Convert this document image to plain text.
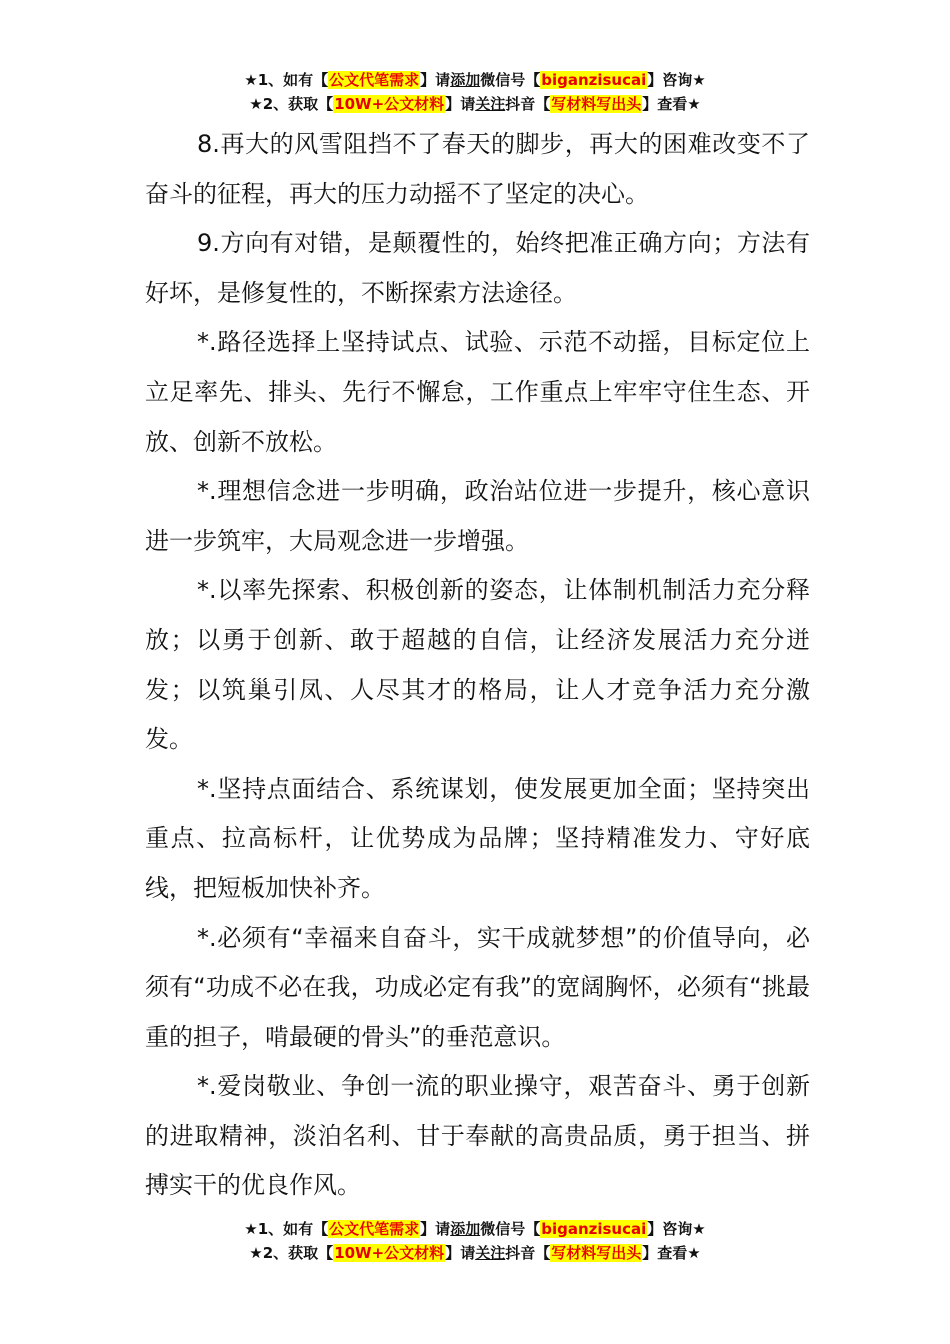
★1、如有【公文代笔需求】请添加微信号【biganzisucai】咨询★
★2、获取【10W+公文材料】请关注抖音【写材料写出头】查看★

8.再大的风雪阻挡不了春天的脚步，再大的困难改变不了奋斗的征程，再大的压力动摇不了坚定的决心。

9.方向有对错，是颠覆性的，始终把准正确方向；方法有好坏，是修复性的，不断探索方法途径。

*.路径选择上坚持试点、试验、示范不动摇，目标定位上立足率先、排头、先行不懈怠，工作重点上牢牢守住生态、开放、创新不放松。

*.理想信念进一步明确，政治站位进一步提升，核心意识进一步筑牢，大局观念进一步增强。

*.以率先探索、积极创新的姿态，让体制机制活力充分释放；以勇于创新、敢于超越的自信，让经济发展活力充分迸发；以筑巢引凤、人尽其才的格局，让人才竞争活力充分激发。

*.坚持点面结合、系统谋划，使发展更加全面；坚持突出重点、拉高标杆，让优势成为品牌；坚持精准发力、守好底线，把短板加快补齐。

*.必须有“幸福来自奋斗，实干成就梦想”的价值导向，必须有“功成不必在我，功成必定有我”的宽阔胸怀，必须有“挑最重的担子，啃最硬的骨头”的垂范意识。

*.爱岗敬业、争创一流的职业操守，艰苦奋斗、勇于创新的进取精神，淡泊名利、甘于奉献的高贵品质，勇于担当、拼搏实干的优良作风。

★1、如有【公文代笔需求】请添加微信号【biganzisucai】咨询★
★2、获取【10W+公文材料】请关注抖音【写材料写出头】查看★
